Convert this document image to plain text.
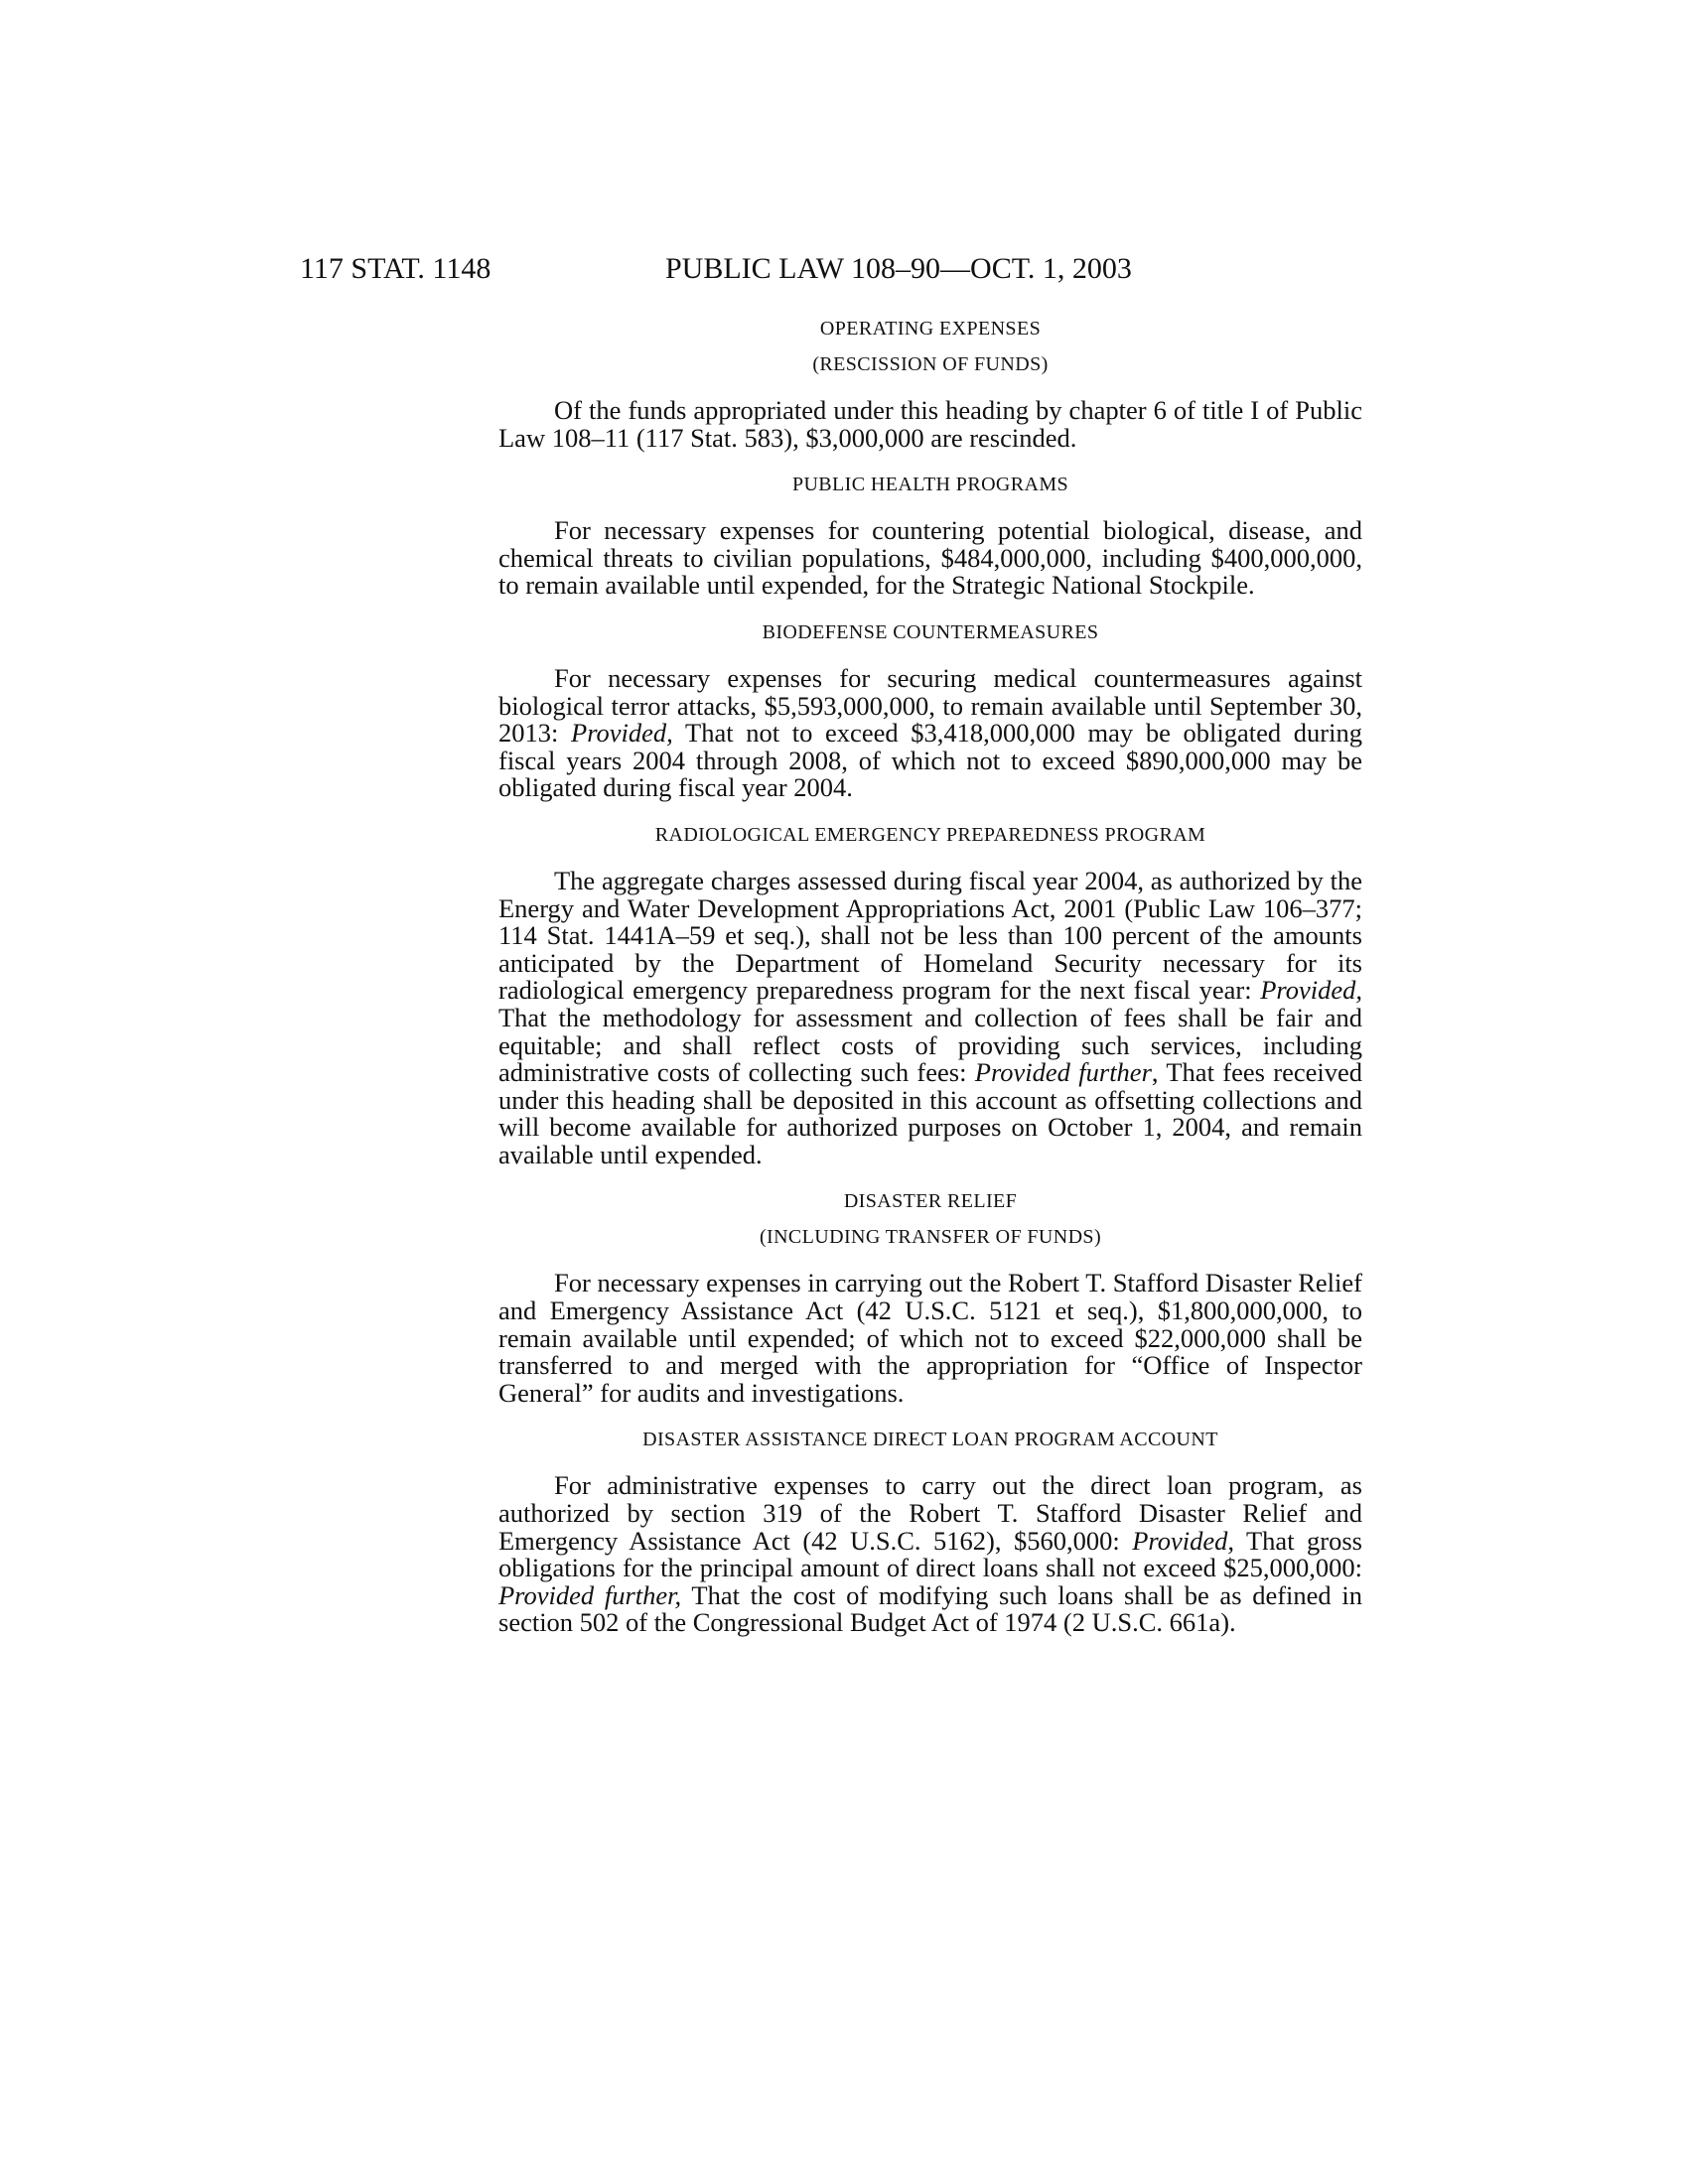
117 STAT. 1148	PUBLIC LAW 108–90—OCT. 1, 2003

OPERATING EXPENSES

(RESCISSION OF FUNDS)

Of the funds appropriated under this heading by chapter 6 of title I of Public Law 108–11 (117 Stat. 583), $3,000,000 are rescinded.

PUBLIC HEALTH PROGRAMS

For necessary expenses for countering potential biological, disease, and chemical threats to civilian populations, $484,000,000, including $400,000,000, to remain available until expended, for the Strategic National Stockpile.

BIODEFENSE COUNTERMEASURES

For necessary expenses for securing medical countermeasures against biological terror attacks, $5,593,000,000, to remain available until September 30, 2013: Provided, That not to exceed $3,418,000,000 may be obligated during fiscal years 2004 through 2008, of which not to exceed $890,000,000 may be obligated during fiscal year 2004.

RADIOLOGICAL EMERGENCY PREPAREDNESS PROGRAM

The aggregate charges assessed during fiscal year 2004, as authorized by the Energy and Water Development Appropriations Act, 2001 (Public Law 106–377; 114 Stat. 1441A–59 et seq.), shall not be less than 100 percent of the amounts anticipated by the Department of Homeland Security necessary for its radiological emergency preparedness program for the next fiscal year: Provided, That the methodology for assessment and collection of fees shall be fair and equitable; and shall reflect costs of providing such services, including administrative costs of collecting such fees: Provided further, That fees received under this heading shall be deposited in this account as offsetting collections and will become available for authorized purposes on October 1, 2004, and remain available until expended.

DISASTER RELIEF

(INCLUDING TRANSFER OF FUNDS)

For necessary expenses in carrying out the Robert T. Stafford Disaster Relief and Emergency Assistance Act (42 U.S.C. 5121 et seq.), $1,800,000,000, to remain available until expended; of which not to exceed $22,000,000 shall be transferred to and merged with the appropriation for “Office of Inspector General” for audits and investigations.

DISASTER ASSISTANCE DIRECT LOAN PROGRAM ACCOUNT

For administrative expenses to carry out the direct loan program, as authorized by section 319 of the Robert T. Stafford Disaster Relief and Emergency Assistance Act (42 U.S.C. 5162), $560,000: Provided, That gross obligations for the principal amount of direct loans shall not exceed $25,000,000: Provided further, That the cost of modifying such loans shall be as defined in section 502 of the Congressional Budget Act of 1974 (2 U.S.C. 661a).
